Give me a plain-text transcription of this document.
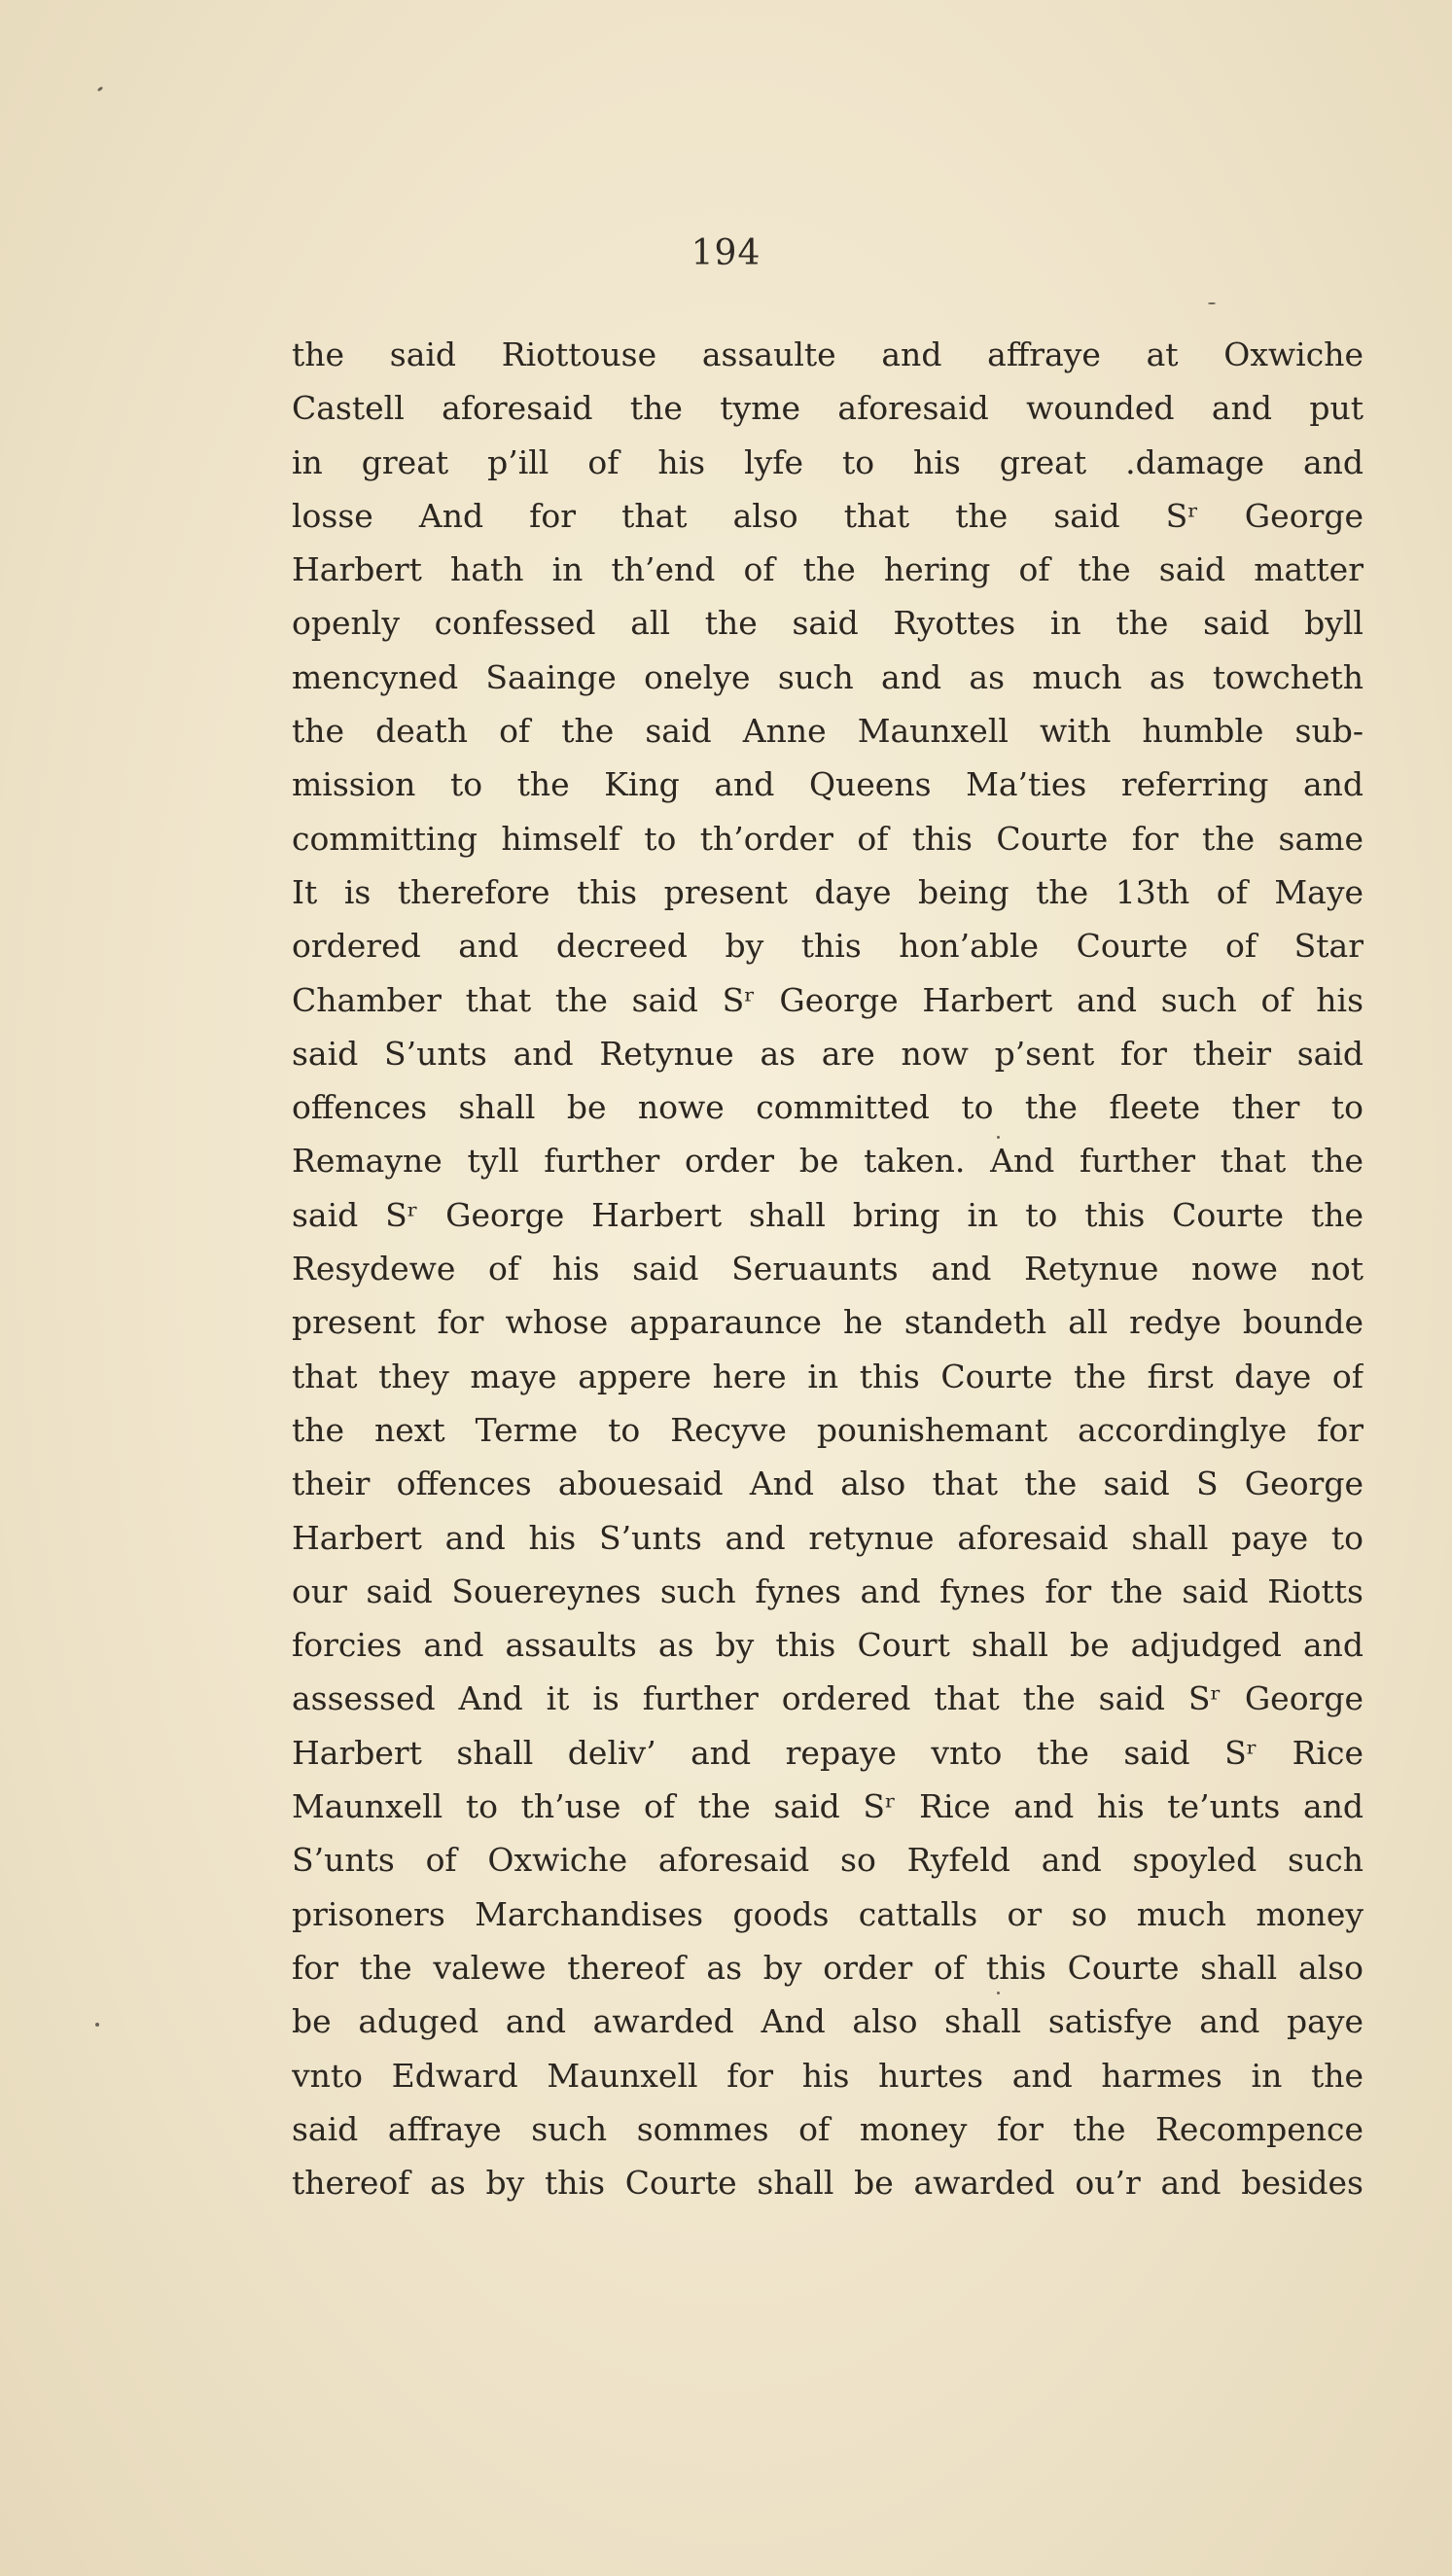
194
the said Riottouse assaulte and affraye at Oxwiche
Castell aforesaid the tyme aforesaid wounded and put
in great p’ill of his lyfe to his great .damage and
losse And for that also that the said Sʳ George
Harbert hath in th’end of the hering of the said matter
openly confessed all the said Ryottes in the said byll
mencyned Saainge onelye such and as much as towcheth
the death of the said Anne Maunxell with humble sub-
mission to the King and Queens Ma’ties referring and
committing himself to th’order of this Courte for the same
It is therefore this present daye being the 13th of Maye
ordered and decreed by this hon’able Courte of Star
Chamber that the said Sʳ George Harbert and such of his
said S’unts and Retynue as are now p’sent for their said
offences shall be nowe committed to the fleete ther to
Remayne tyll further order be taken. And further that the
said Sʳ George Harbert shall bring in to this Courte the
Resydewe of his said Seruaunts and Retynue nowe not
present for whose apparaunce he standeth all redye bounde
that they maye appere here in this Courte the first daye of
the next Terme to Recyve pounishemant accordinglye for
their offences abouesaid And also that the said S George
Harbert and his S’unts and retynue aforesaid shall paye to
our said Souereynes such fynes and fynes for the said Riotts
forcies and assaults as by this Court shall be adjudged and
assessed And it is further ordered that the said Sʳ George
Harbert shall deliv’ and repaye vnto the said Sʳ Rice
Maunxell to th’use of the said Sʳ Rice and his te’unts and
S’unts of Oxwiche aforesaid so Ryfeld and spoyled such
prisoners Marchandises goods cattalls or so much money
for the valewe thereof as by order of this Courte shall also
be aduged and awarded And also shall satisfye and paye
vnto Edward Maunxell for his hurtes and harmes in the
said affraye such sommes of money for the Recompence
thereof as by this Courte shall be awarded ou’r and besides
